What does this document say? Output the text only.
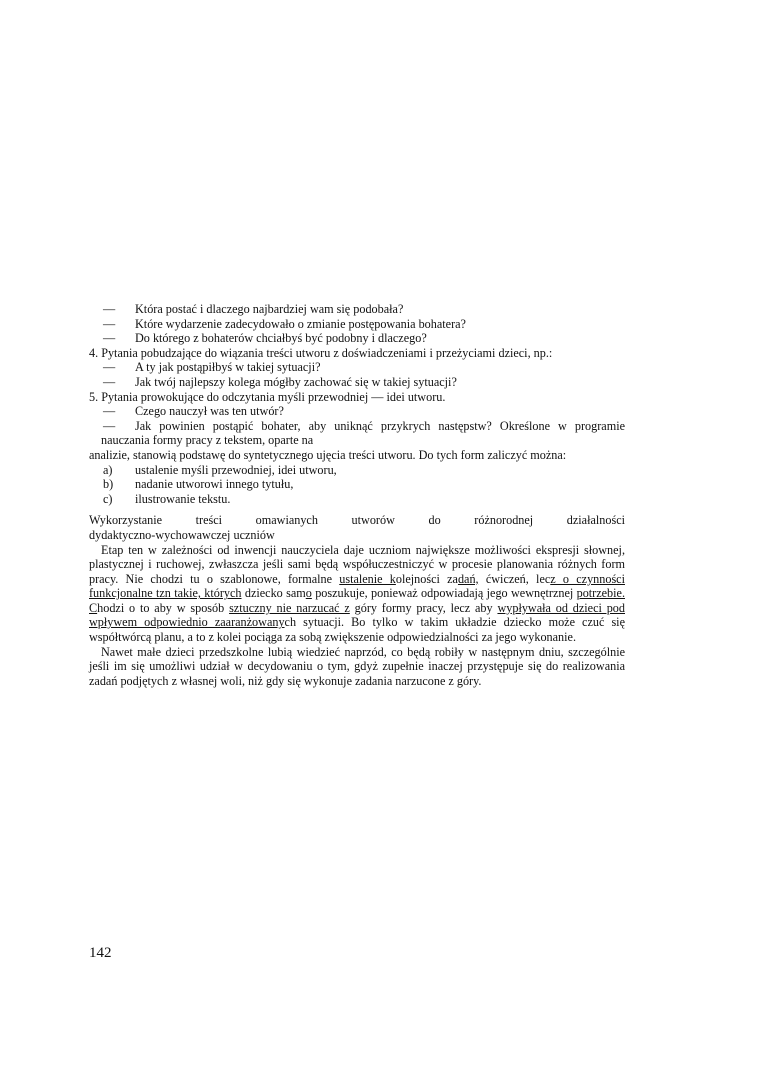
— Która postać i dlaczego najbardziej wam się podobała?
— Które wydarzenie zadecydowało o zmianie postępowania bohatera?
— Do którego z bohaterów chciałbyś być podobny i dlaczego?
4. Pytania pobudzające do wiązania treści utworu z doświadczeniami i przeżyciami dzieci, np.:
— A ty jak postąpiłbyś w takiej sytuacji?
— Jak twój najlepszy kolega mógłby zachować się w takiej sytuacji?
5. Pytania prowokujące do odczytania myśli przewodniej — idei utworu.
— Czego nauczył was ten utwór?
— Jak powinien postąpić bohater, aby uniknąć przykrych następstw? Określone w programie
nauczania formy pracy z tekstem, oparte na
analizie, stanowią podstawę do syntetycznego ujęcia treści utworu. Do tych form zaliczyć można:
a) ustalenie myśli przewodniej, idei utworu,
b) nadanie utworowi innego tytułu,
c) ilustrowanie tekstu.
Wykorzystanie treści omawianych utworów do różnorodnej działalności
dydaktyczno-wychowawczej uczniów
Etap ten w zależności od inwencji nauczyciela daje uczniom największe możliwości ekspresji słownej, plastycznej i ruchowej, zwłaszcza jeśli sami będą współuczestniczyć w procesie planowania różnych form pracy. Nie chodzi tu o szablonowe, formalne ustalenie kolejności zadań, ćwiczeń, lecz o czynności funkcjonalne tzn takie, których dziecko samo poszukuje, ponieważ odpowiadają jego wewnętrznej potrzebie. Chodzi o to aby w sposób sztuczny nie narzucać z góry formy pracy, lecz aby wypływała od dzieci pod wpływem odpowiednio zaaranżowanych sytuacji. Bo tylko w takim układzie dziecko może czuć się współtwórcą planu, a to z kolei pociąga za sobą zwiększenie odpowiedzialności za jego wykonanie.
Nawet małe dzieci przedszkolne lubią wiedzieć naprzód, co będą robiły w następnym dniu, szczególnie jeśli im się umożliwi udział w decydowaniu o tym, gdyż zupełnie inaczej przystępuje się do realizowania zadań podjętych z własnej woli, niż gdy się wykonuje zadania narzucone z góry.
142
